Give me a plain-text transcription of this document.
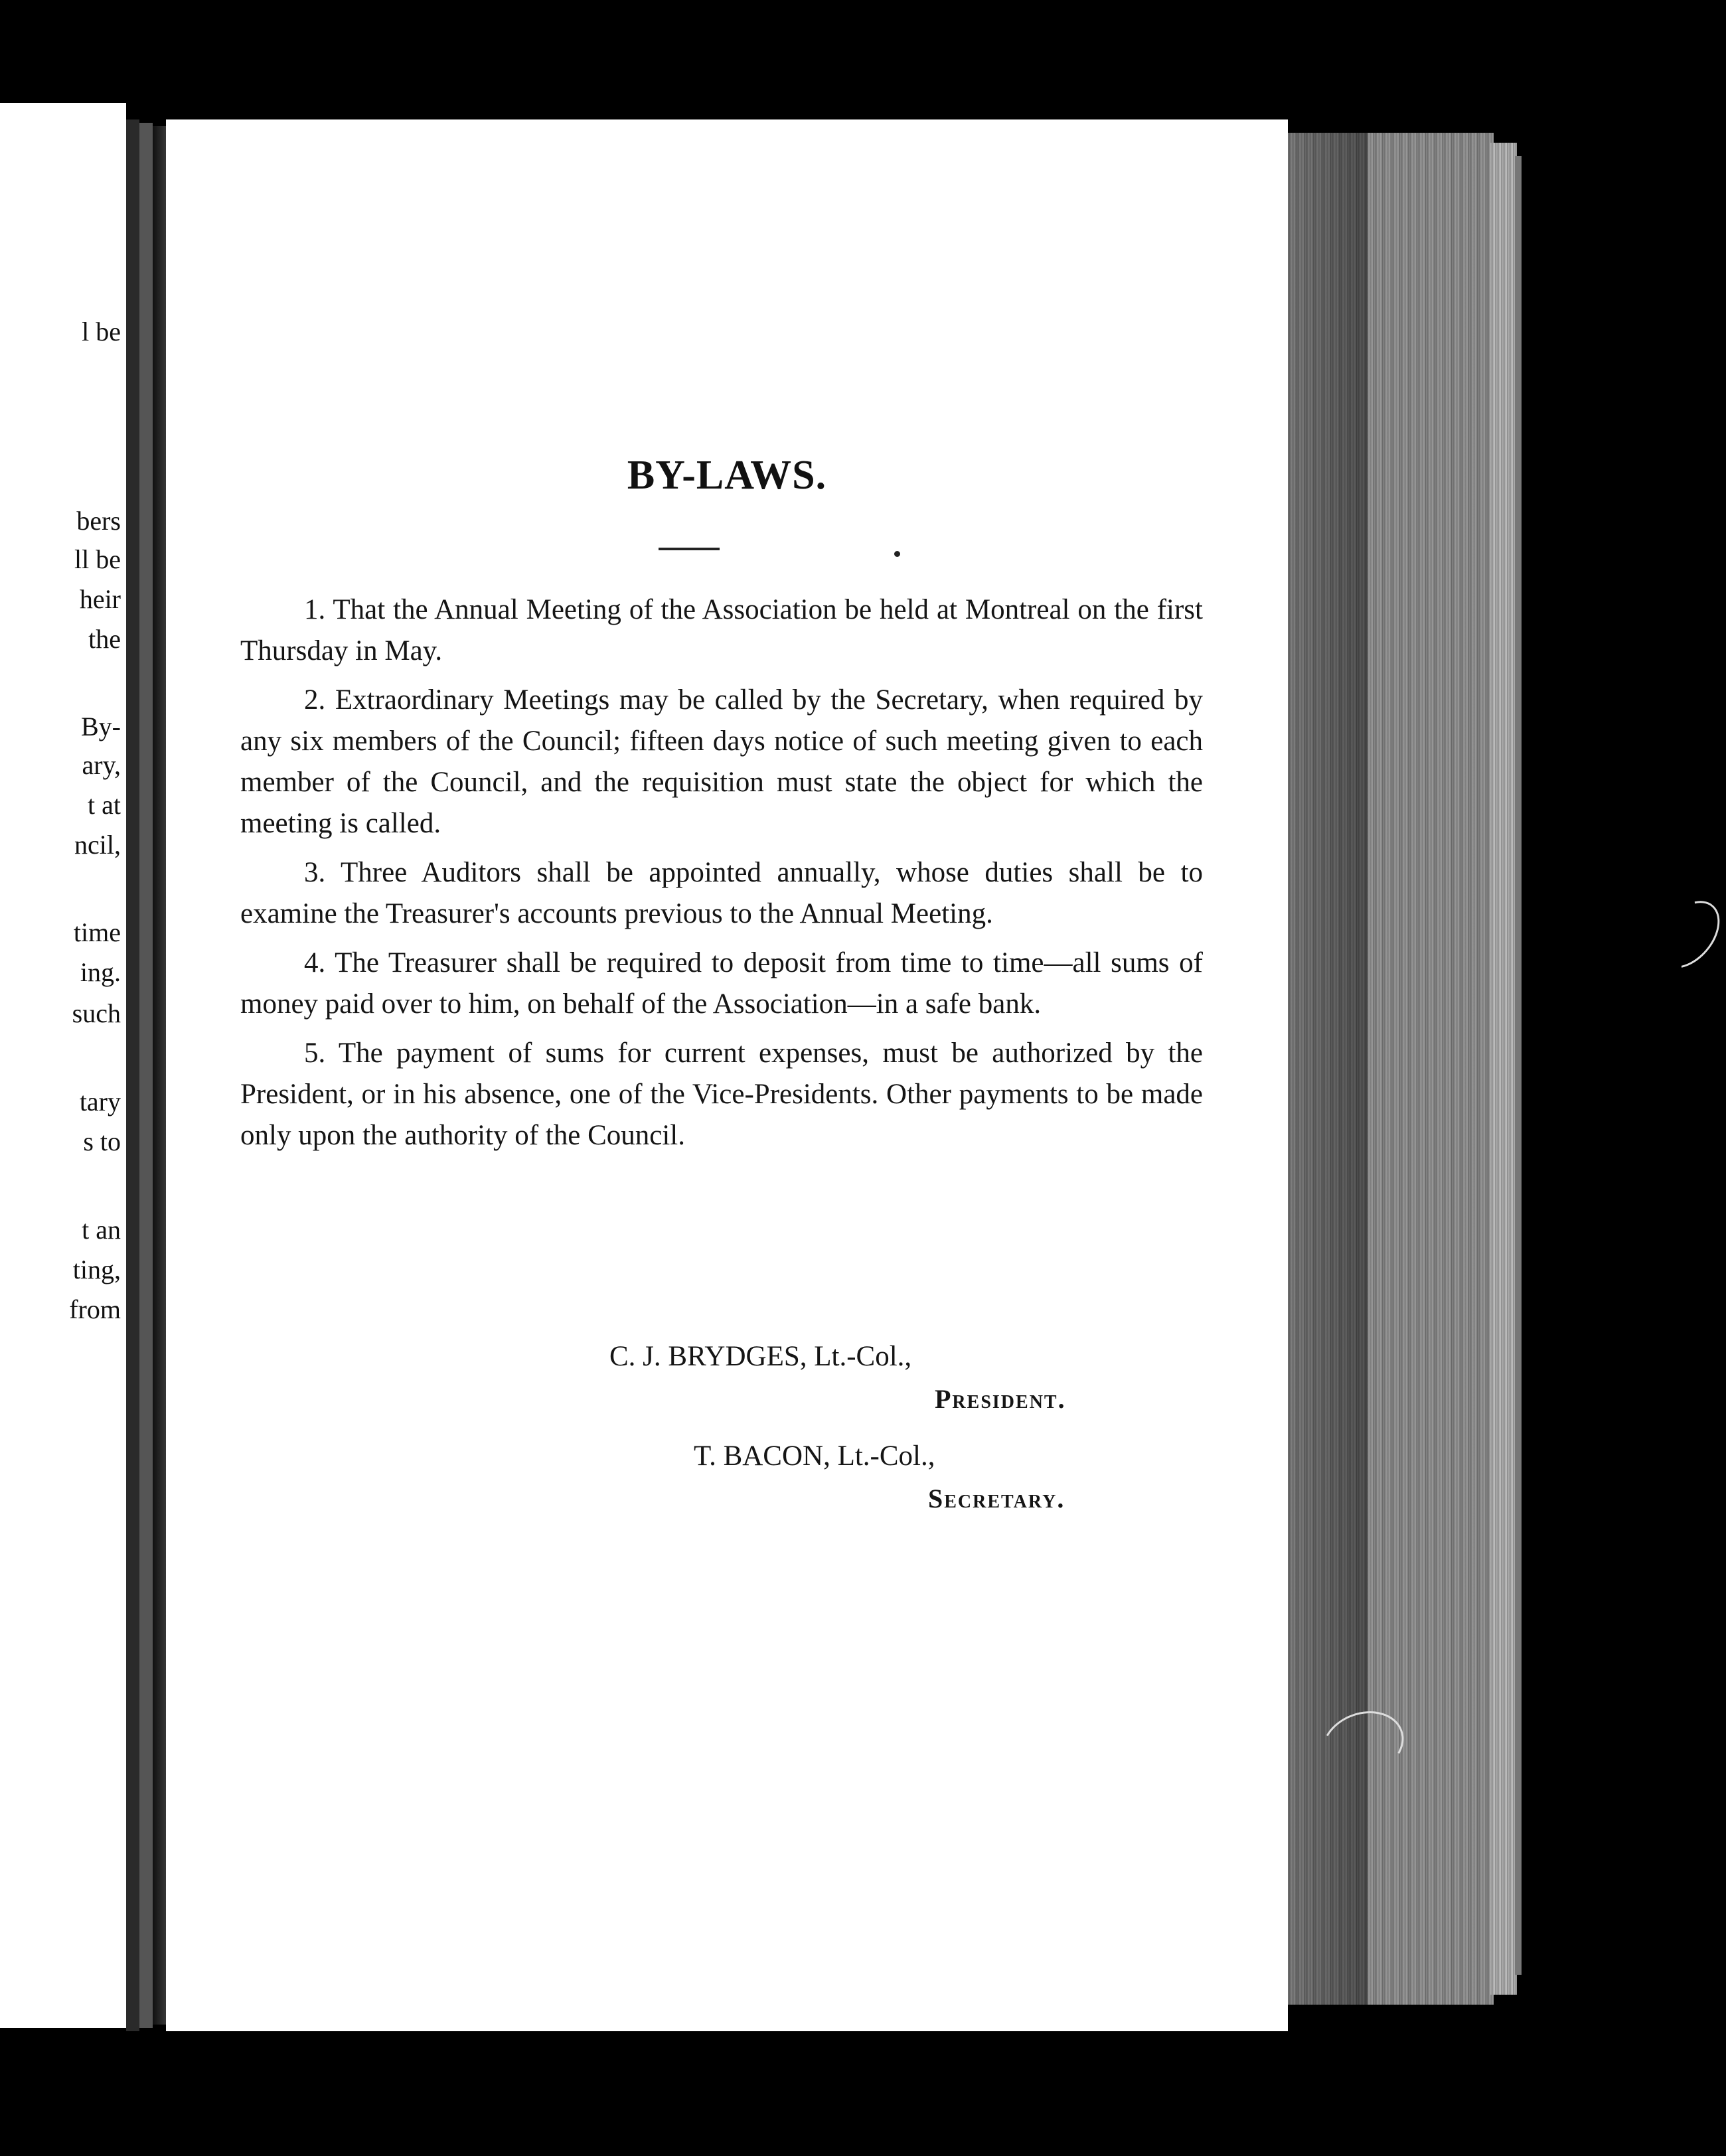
l be
bers
ll be
heir
the
By-
ary,
t at
ncil,
time
ing.
such
tary
s to
t an
ting,
from
BY-LAWS.

1. That the Annual Meeting of the Association be held at Montreal on the first Thursday in May.

2. Extraordinary Meetings may be called by the Secretary, when required by any six members of the Council; fifteen days notice of such meeting given to each member of the Council, and the requisition must state the object for which the meeting is called.

3. Three Auditors shall be appointed annually, whose duties shall be to examine the Treasurer's accounts previous to the Annual Meeting.

4. The Treasurer shall be required to deposit from time to time—all sums of money paid over to him, on behalf of the Association—in a safe bank.

5. The payment of sums for current expenses, must be authorized by the President, or in his absence, one of the Vice-Presidents. Other payments to be made only upon the authority of the Council.

C. J. BRYDGES, Lt.-Col.,
President.
T. BACON, Lt.-Col.,
Secretary.
